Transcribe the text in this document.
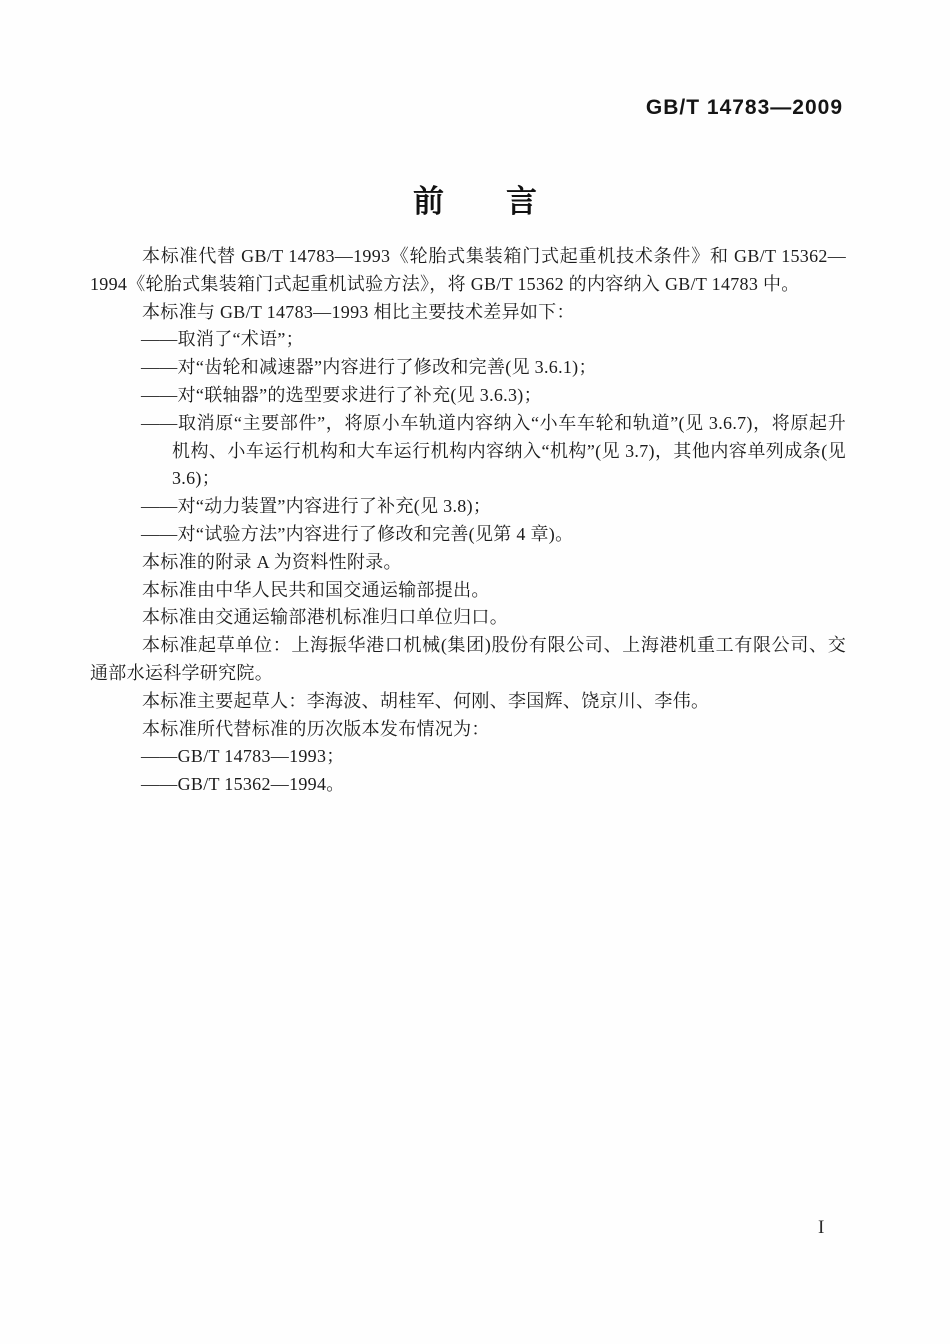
GB/T 14783—2009
前　　言

本标准代替 GB/T 14783—1993《轮胎式集装箱门式起重机技术条件》和 GB/T 15362—1994《轮胎式集装箱门式起重机试验方法》，将 GB/T 15362 的内容纳入 GB/T 14783 中。

本标准与 GB/T 14783—1993 相比主要技术差异如下：

——取消了“术语”；

——对“齿轮和减速器”内容进行了修改和完善(见 3.6.1)；

——对“联轴器”的选型要求进行了补充(见 3.6.3)；

——取消原“主要部件”，将原小车轨道内容纳入“小车车轮和轨道”(见 3.6.7)，将原起升机构、小车运行机构和大车运行机构内容纳入“机构”(见 3.7)，其他内容单列成条(见 3.6)；

——对“动力装置”内容进行了补充(见 3.8)；

——对“试验方法”内容进行了修改和完善(见第 4 章)。

本标准的附录 A 为资料性附录。

本标准由中华人民共和国交通运输部提出。

本标准由交通运输部港机标准归口单位归口。

本标准起草单位：上海振华港口机械(集团)股份有限公司、上海港机重工有限公司、交通部水运科学研究院。

本标准主要起草人：李海波、胡桂军、何刚、李国辉、饶京川、李伟。

本标准所代替标准的历次版本发布情况为：

——GB/T 14783—1993；

——GB/T 15362—1994。

I
